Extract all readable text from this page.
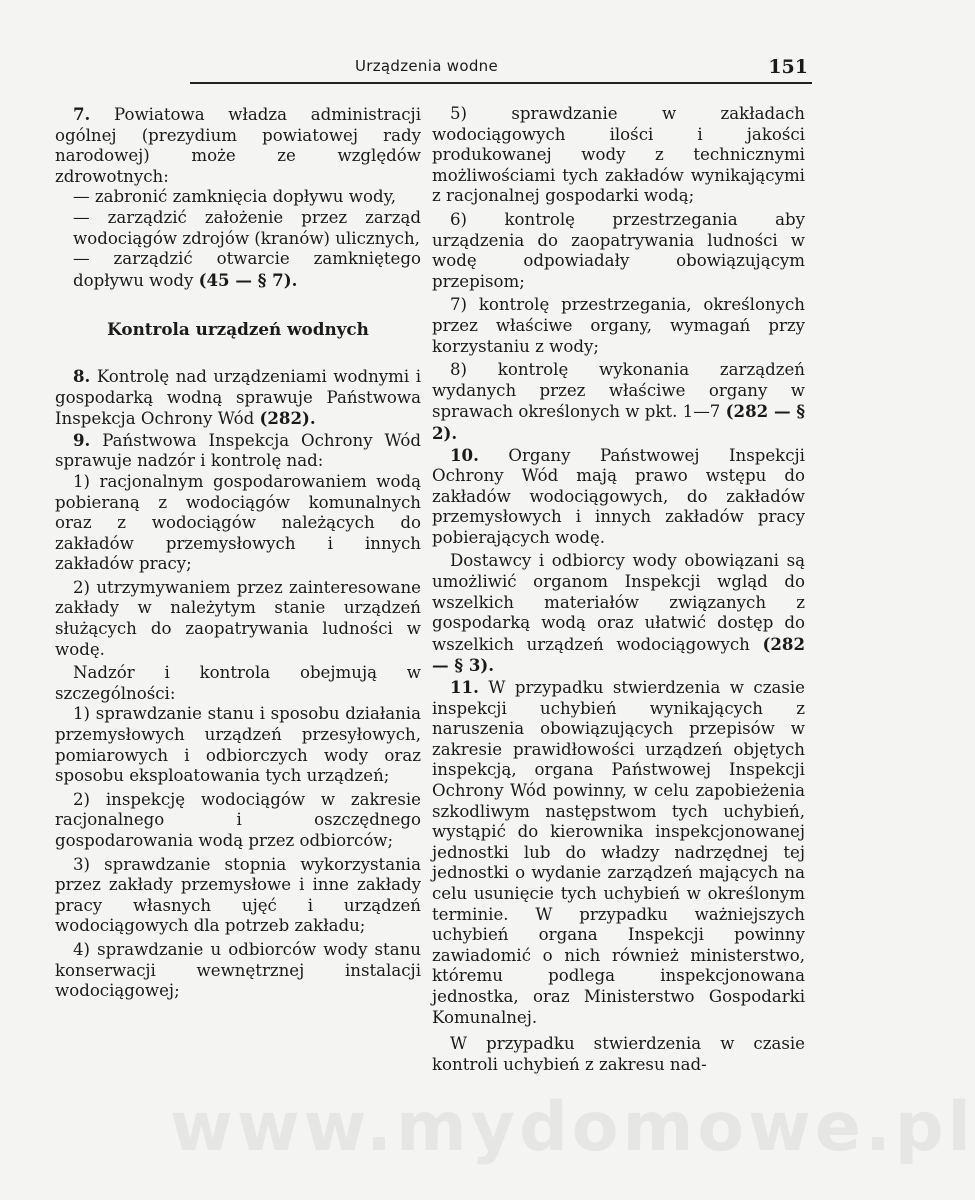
Urządzenia wodne	151

7. Powiatowa władza administracji ogólnej (prezydium powiatowej rady narodowej) może ze względów zdrowotnych:

— zabronić zamknięcia dopływu wody,

— zarządzić założenie przez zarząd wodociągów zdrojów (kranów) ulicznych,

— zarządzić otwarcie zamkniętego dopływu wody (45 — § 7).

Kontrola urządzeń wodnych

8. Kontrolę nad urządzeniami wodnymi i gospodarką wodną sprawuje Państwowa Inspekcja Ochrony Wód (282).

9. Państwowa Inspekcja Ochrony Wód sprawuje nadzór i kontrolę nad:

1) racjonalnym gospodarowaniem wodą pobieraną z wodociągów komunalnych oraz z wodociągów należących do zakładów przemysłowych i innych zakładów pracy;

2) utrzymywaniem przez zainteresowane zakłady w należytym stanie urządzeń służących do zaopatrywania ludności w wodę.

Nadzór i kontrola obejmują w szczególności:

1) sprawdzanie stanu i sposobu działania przemysłowych urządzeń przesyłowych, pomiarowych i odbiorczych wody oraz sposobu eksploatowania tych urządzeń;

2) inspekcję wodociągów w zakresie racjonalnego i oszczędnego gospodarowania wodą przez odbiorców;

3) sprawdzanie stopnia wykorzystania przez zakłady przemysłowe i inne zakłady pracy własnych ujęć i urządzeń wodociągowych dla potrzeb zakładu;

4) sprawdzanie u odbiorców wody stanu konserwacji wewnętrznej instalacji wodociągowej;

5) sprawdzanie w zakładach wodociągowych ilości i jakości produkowanej wody z technicznymi możliwościami tych zakładów wynikającymi z racjonalnej gospodarki wodą;

6) kontrolę przestrzegania aby urządzenia do zaopatrywania ludności w wodę odpowiadały obowiązującym przepisom;

7) kontrolę przestrzegania, określonych przez właściwe organy, wymagań przy korzystaniu z wody;

8) kontrolę wykonania zarządzeń wydanych przez właściwe organy w sprawach określonych w pkt. 1—7 (282 — § 2).

10. Organy Państwowej Inspekcji Ochrony Wód mają prawo wstępu do zakładów wodociągowych, do zakładów przemysłowych i innych zakładów pracy pobierających wodę.

Dostawcy i odbiorcy wody obowiązani są umożliwić organom Inspekcji wgląd do wszelkich materiałów związanych z gospodarką wodą oraz ułatwić dostęp do wszelkich urządzeń wodociągowych (282 — § 3).

11. W przypadku stwierdzenia w czasie inspekcji uchybień wynikających z naruszenia obowiązujących przepisów w zakresie prawidłowości urządzeń objętych inspekcją, organa Państwowej Inspekcji Ochrony Wód powinny, w celu zapobieżenia szkodliwym następstwom tych uchybień, wystąpić do kierownika inspekcjonowanej jednostki lub do władzy nadrzędnej tej jednostki o wydanie zarządzeń mających na celu usunięcie tych uchybień w określonym terminie. W przypadku ważniejszych uchybień organa Inspekcji powinny zawiadomić o nich również ministerstwo, któremu podlega inspekcjonowana jednostka, oraz Ministerstwo Gospodarki Komunalnej.

W przypadku stwierdzenia w czasie kontroli uchybień z zakresu nad-

www.mydomowe.pl
